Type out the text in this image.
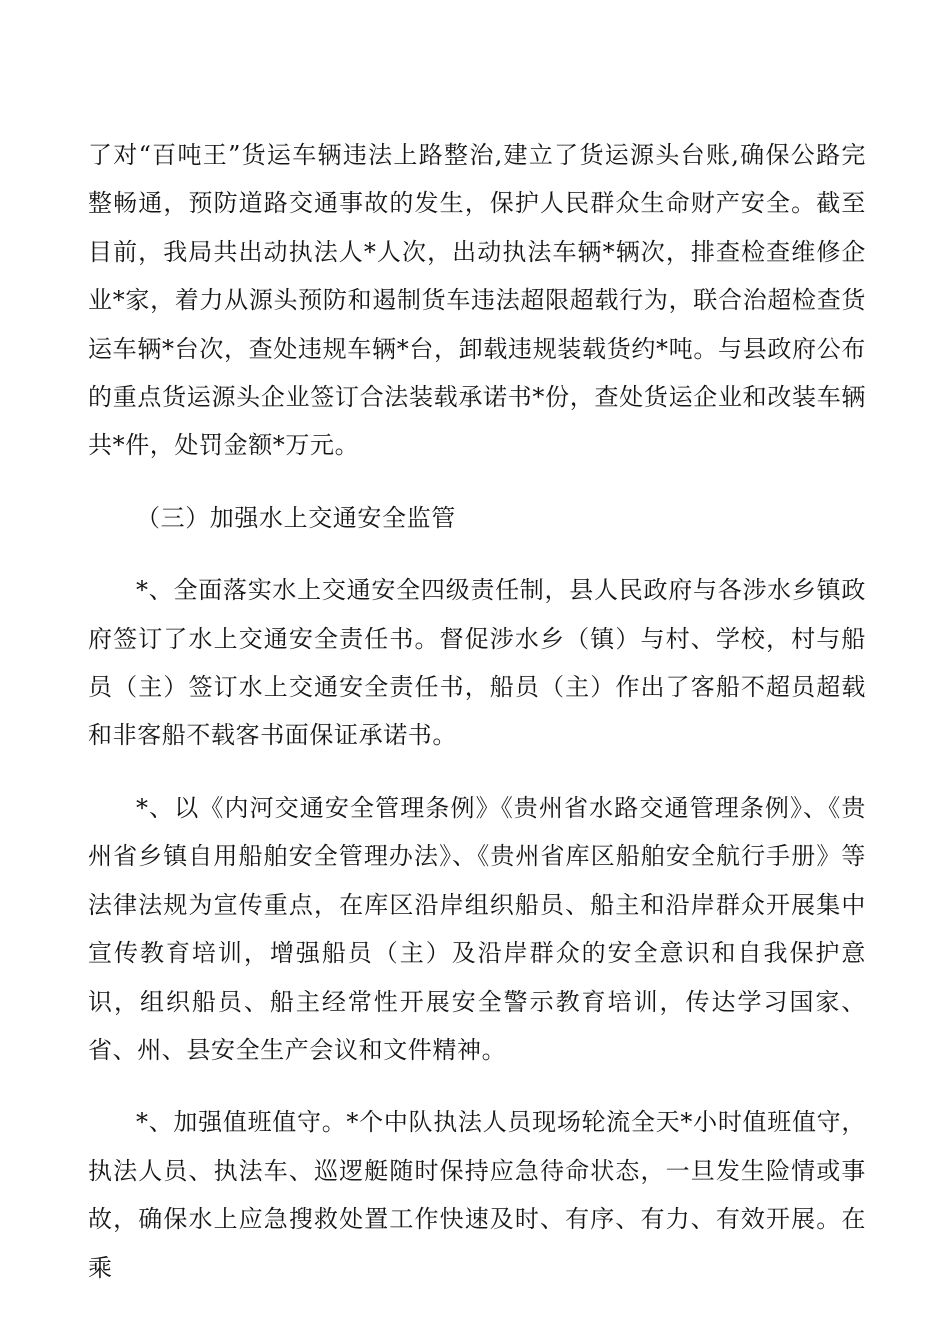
了对“百吨王”货运车辆违法上路整治,建立了货运源头台账,确保公路完整畅通，预防道路交通事故的发生，保护人民群众生命财产安全。截至目前，我局共出动执法人*人次，出动执法车辆*辆次，排查检查维修企业*家，着力从源头预防和遏制货车违法超限超载行为，联合治超检查货运车辆*台次，查处违规车辆*台，卸载违规装载货约*吨。与县政府公布的重点货运源头企业签订合法装载承诺书*份，查处货运企业和改装车辆共*件，处罚金额*万元。

（三）加强水上交通安全监管

*、全面落实水上交通安全四级责任制，县人民政府与各涉水乡镇政府签订了水上交通安全责任书。督促涉水乡（镇）与村、学校，村与船员（主）签订水上交通安全责任书，船员（主）作出了客船不超员超载和非客船不载客书面保证承诺书。

*、以《内河交通安全管理条例》《贵州省水路交通管理条例》、《贵州省乡镇自用船舶安全管理办法》、《贵州省库区船舶安全航行手册》等法律法规为宣传重点，在库区沿岸组织船员、船主和沿岸群众开展集中宣传教育培训，增强船员（主）及沿岸群众的安全意识和自我保护意识，组织船员、船主经常性开展安全警示教育培训，传达学习国家、省、州、县安全生产会议和文件精神。

*、加强值班值守。*个中队执法人员现场轮流全天*小时值班值守，执法人员、执法车、巡逻艇随时保持应急待命状态，一旦发生险情或事故，确保水上应急搜救处置工作快速及时、有序、有力、有效开展。在乘
